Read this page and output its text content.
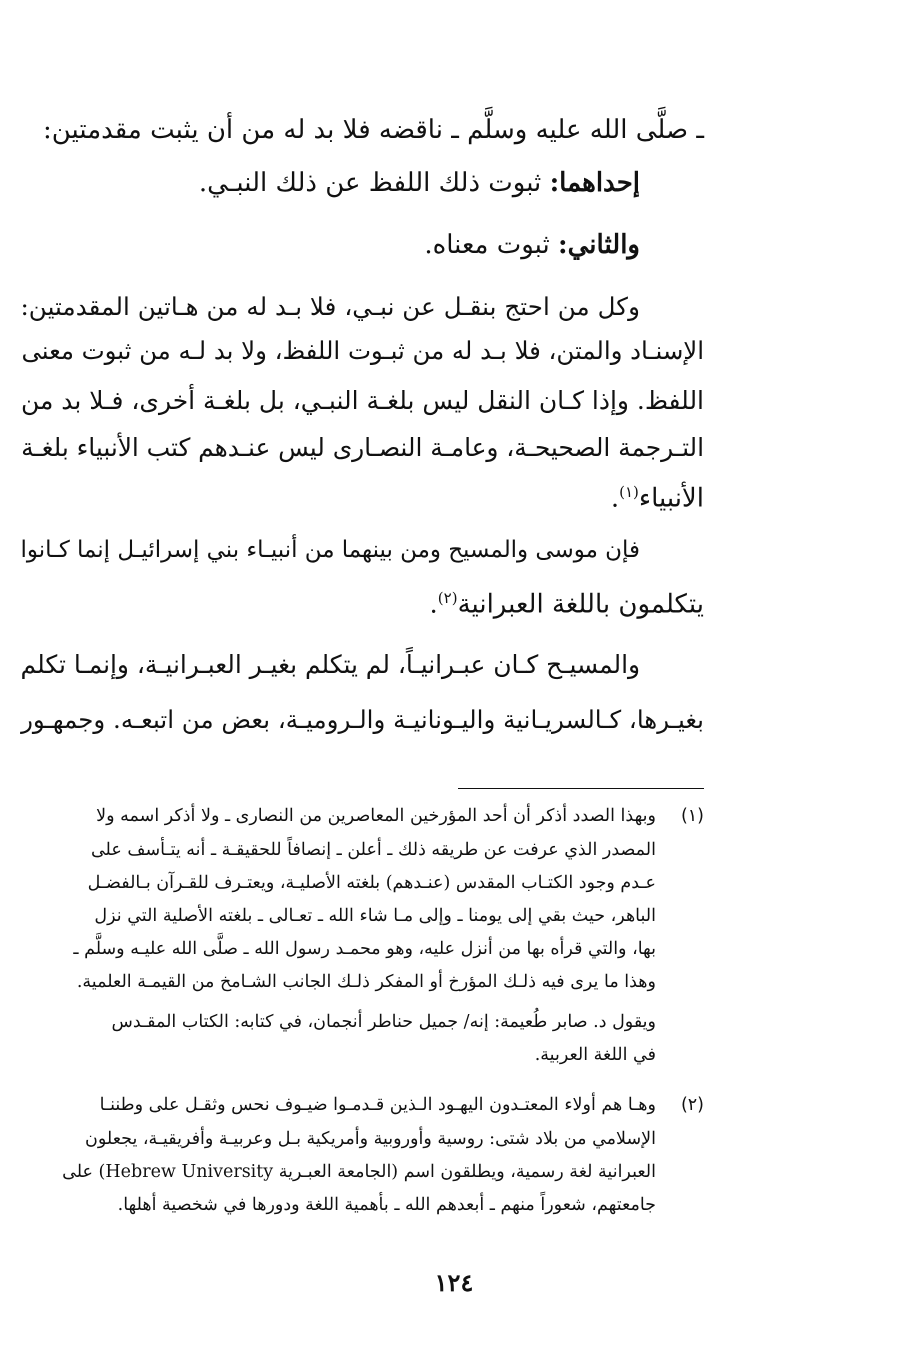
ـ صلَّى الله عليه وسلَّم ـ ناقضه فلا بد له من أن يثبت مقدمتين:

إحداهما: ثبوت ذلك اللفظ عن ذلك النبـي.

والثاني: ثبوت معناه.

وكل من احتج بنقـل عن نبـي، فلا بـد له من هـاتين المقدمتين:

الإسنـاد والمتن، فلا بـد له من ثبـوت اللفظ، ولا بد لـه من ثبوت معنى

اللفظ. وإذا كـان النقل ليس بلغـة النبـي، بل بلغـة أخرى، فـلا بد من

التـرجمة الصحيحـة، وعامـة النصـارى ليس عنـدهم كتب الأنبياء بلغـة

الأنبياء$^{(١)}$.

فإن موسى والمسيح ومن بينهما من أنبيـاء بني إسرائيـل إنما كـانوا

يتكلمون باللغة العبرانية$^{(٢)}$.

والمسيـح كـان عبـرانيـاً، لم يتكلم بغيـر العبـرانيـة، وإنمـا تكلم

بغيـرها، كـالسريـانية واليـونانيـة والـروميـة، بعض من اتبعـه. وجمهـور

(١)

وبهذا الصدد أذكر أن أحد المؤرخين المعاصرين من النصارى ـ ولا أذكر اسمه ولا

المصدر الذي عرفت عن طريقه ذلك ـ أعلن ـ إنصافاً للحقيقـة ـ أنه يتـأسف على

عـدم وجود الكتـاب المقدس (عنـدهم) بلغته الأصليـة، ويعتـرف للقـرآن بـالفضـل

الباهر، حيث بقي إلى يومنا ـ وإلى مـا شاء الله ـ تعـالى ـ بلغته الأصلية التي نزل

بها، والتي قرأه بها من أنزل عليه، وهو محمـد رسول الله ـ صلَّى الله عليـه وسلَّم ـ

وهذا ما يرى فيه ذلـك المؤرخ أو المفكر ذلـك الجانب الشـامخ من القيمـة العلمية.

ويقول د. صابر طُعيمة: إنه/ جميل حناطر أنجمان، في كتابه: الكتاب المقـدس

في اللغة العربية.

(٢)

وهـا هم أولاء المعتـدون اليهـود الـذين قـدمـوا ضيـوف نحس وثقـل على وطننـا

الإسلامي من بلاد شتى: روسية وأوروبية وأمريكية بـل وعربيـة وأفريقيـة، يجعلون

العبرانية لغة رسمية، ويطلقون اسم (الجامعة العبـرية Hebrew University) على

جامعتهم، شعوراً منهم ـ أبعدهم الله ـ بأهمية اللغة ودورها في شخصية أهلها.

١٢٤
